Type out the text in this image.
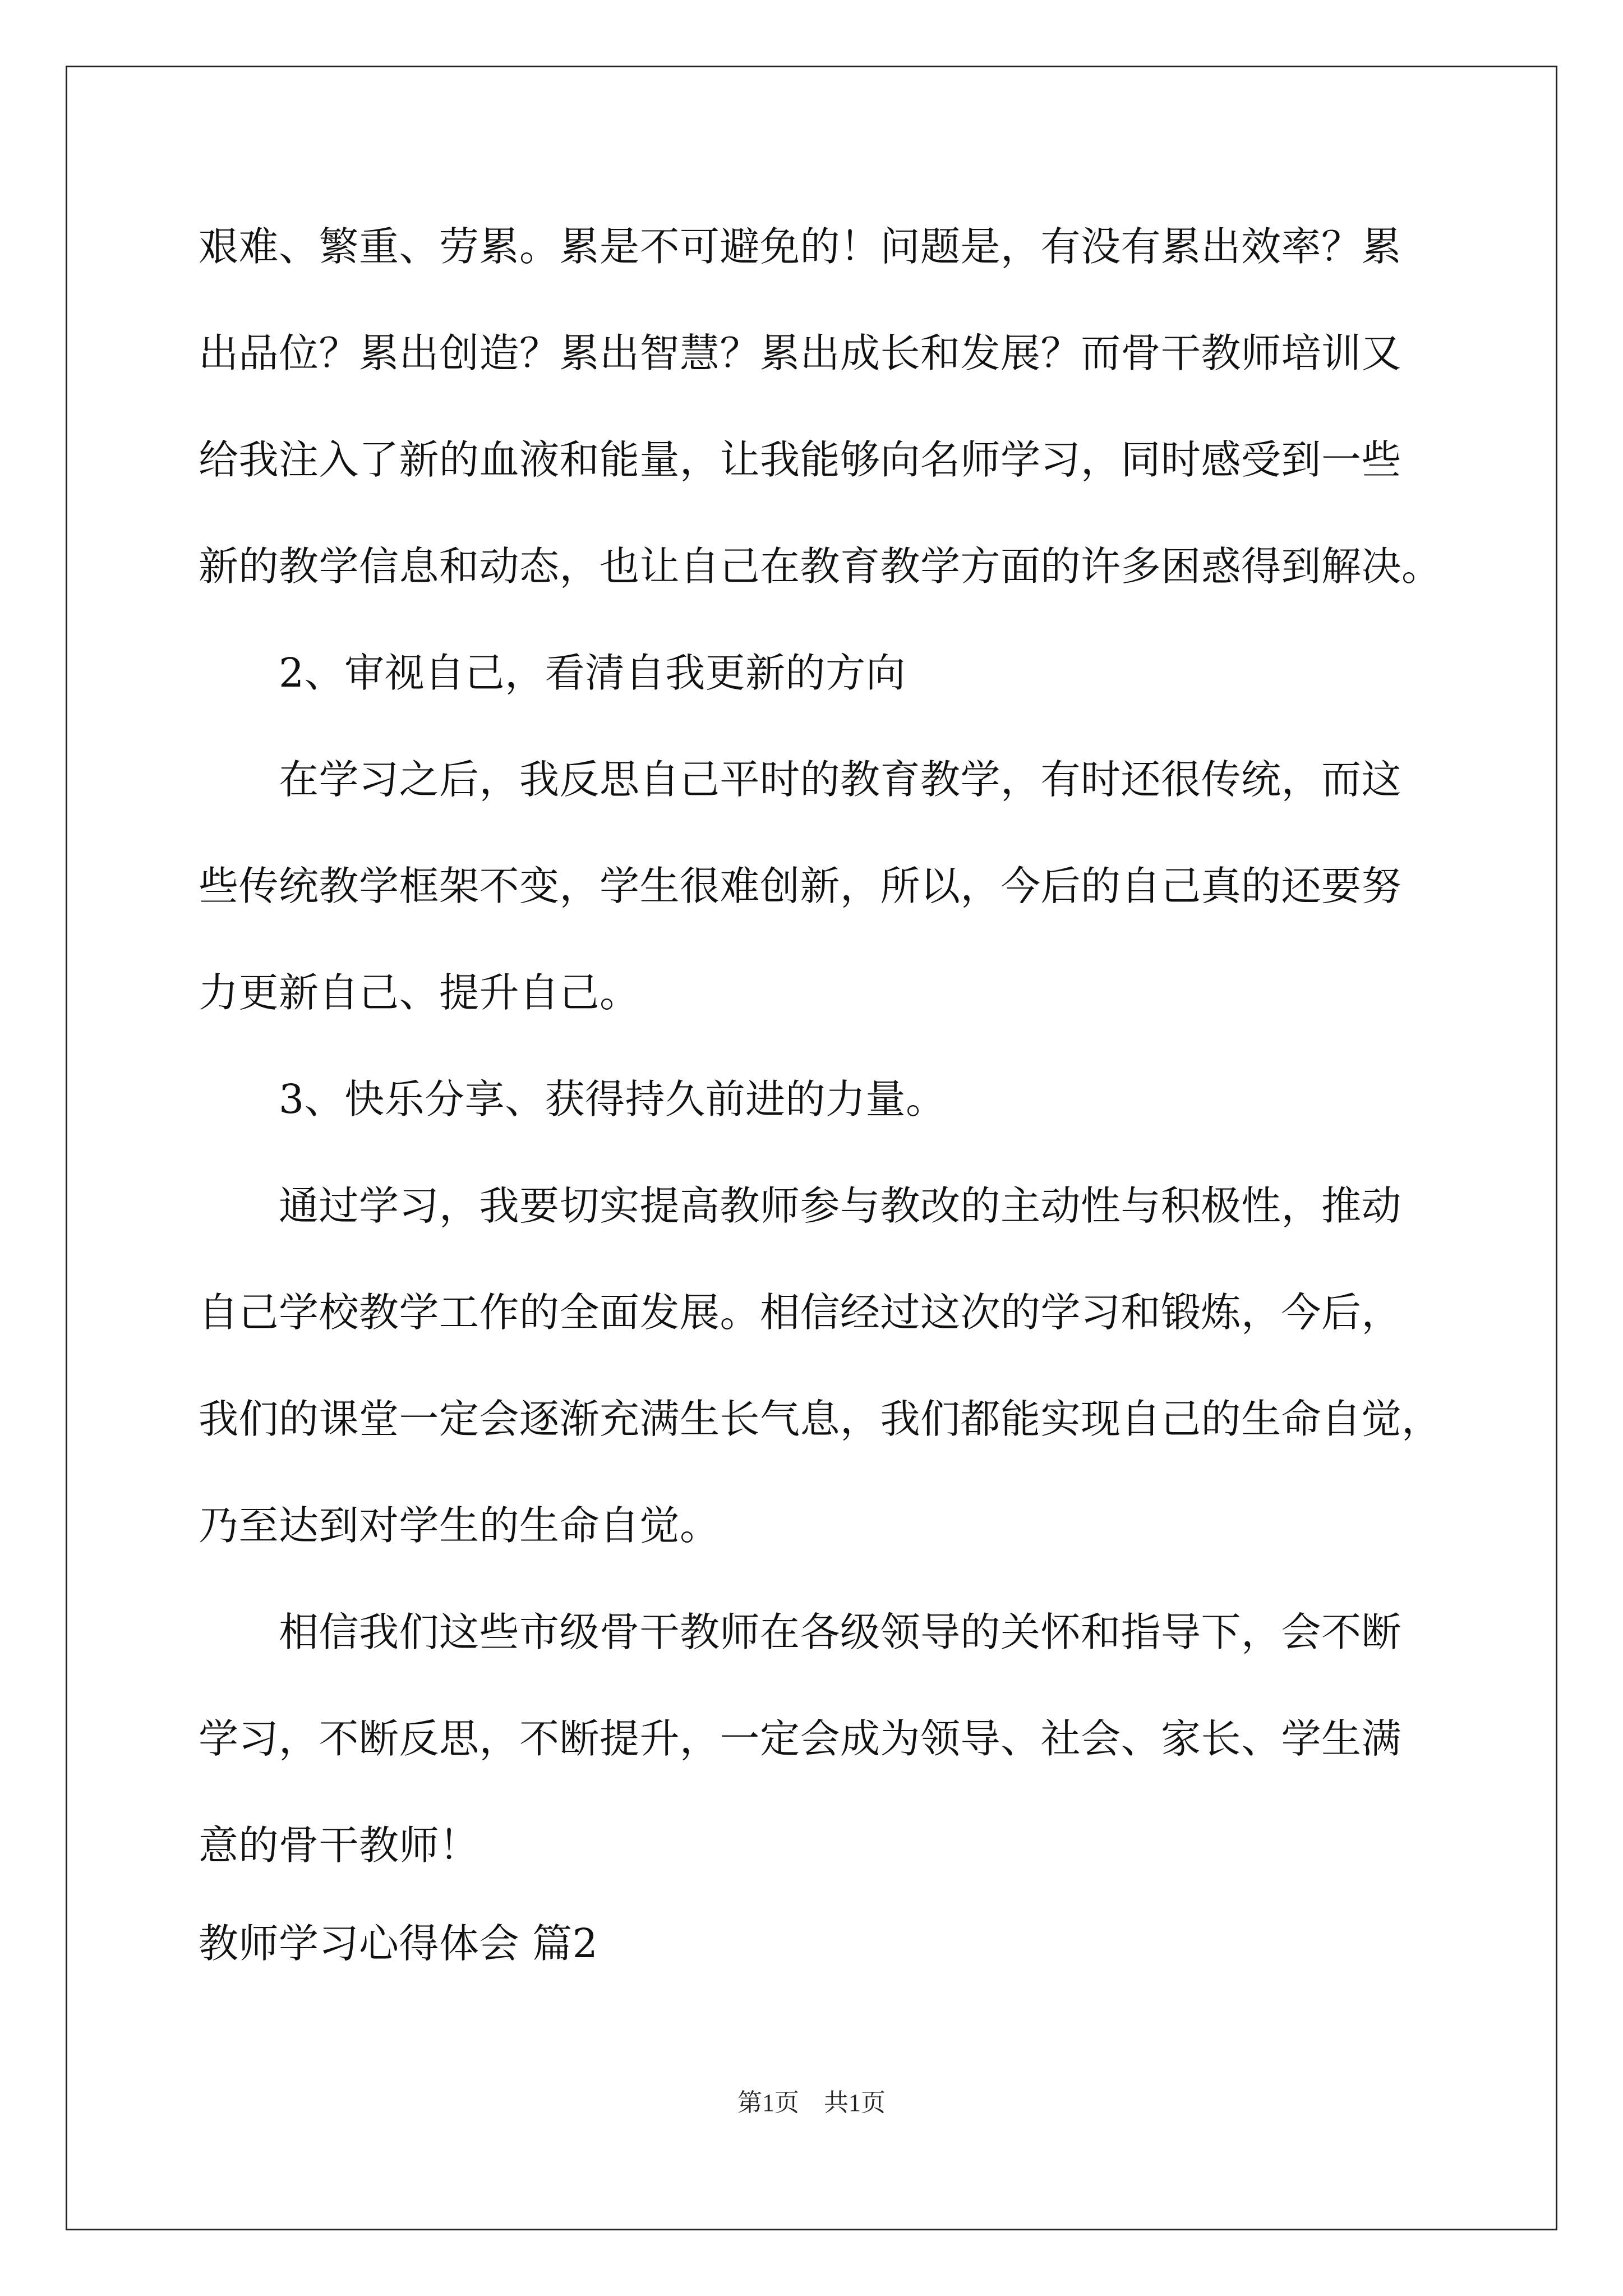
艰难、繁重、劳累。累是不可避免的！问题是，有没有累出效率？累
出品位？累出创造？累出智慧？累出成长和发展？而骨干教师培训又
给我注入了新的血液和能量，让我能够向名师学习，同时感受到一些
新的教学信息和动态，也让自己在教育教学方面的许多困惑得到解决。
　　2、审视自己，看清自我更新的方向
　　在学习之后，我反思自己平时的教育教学，有时还很传统，而这
些传统教学框架不变，学生很难创新，所以，今后的自己真的还要努
力更新自己、提升自己。
　　3、快乐分享、获得持久前进的力量。
　　通过学习，我要切实提高教师参与教改的主动性与积极性，推动
自己学校教学工作的全面发展。相信经过这次的学习和锻炼，今后，
我们的课堂一定会逐渐充满生长气息，我们都能实现自己的生命自觉，
乃至达到对学生的生命自觉。
　　相信我们这些市级骨干教师在各级领导的关怀和指导下，会不断
学习，不断反思，不断提升，一定会成为领导、社会、家长、学生满
意的骨干教师！
教师学习心得体会 篇2
第1页　共1页
